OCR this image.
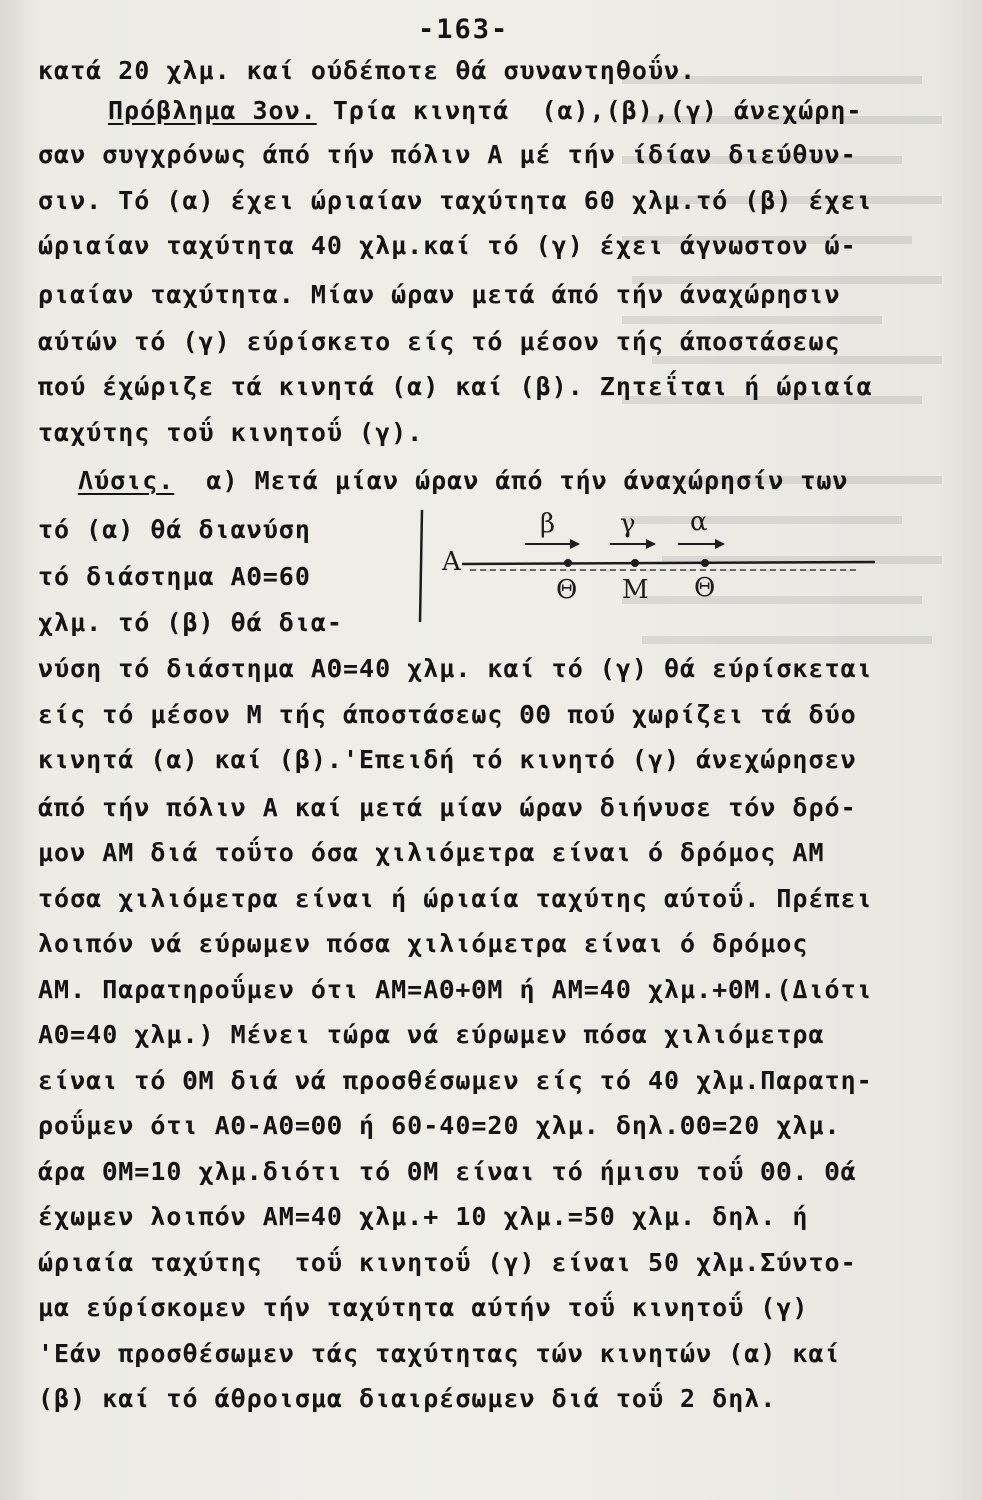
-163-
κατά 20 χλμ. καί ούδέποτε θά συναντηθοΰν.
Πρόβλημα 3ον. Τρία κινητά  (α),(β),(γ) άνεχώρη-
σαν συγχρόνως άπό τήν πόλιν Α μέ τήν ίδίαν διεύθυν-
σιν. Τό (α) έχει ώριαίαν ταχύτητα 60 χλμ.τό (β) έχει
ώριαίαν ταχύτητα 40 χλμ.καί τό (γ) έχει άγνωστον ώ-
ριαίαν ταχύτητα. Μίαν ώραν μετά άπό τήν άναχώρησιν
αύτών τό (γ) εύρίσκετο είς τό μέσον τής άποστάσεως
πού έχώριζε τά κινητά (α) καί (β). Ζητεΐται ή ώριαία
ταχύτης τοΰ κινητοΰ (γ).
Λύσις.  α) Μετά μίαν ώραν άπό τήν άναχώρησίν των
τό (α) θά διανύση
τό διάστημα ΑΘ=60
χλμ. τό (β) θά δια-
Α
β γ α
Θ Μ Θ
νύση τό διάστημα ΑΘ=40 χλμ. καί τό (γ) θά εύρίσκεται
είς τό μέσον Μ τής άποστάσεως ΘΘ πού χωρίζει τά δύο
κινητά (α) καί (β).'Επειδή τό κινητό (γ) άνεχώρησεν
άπό τήν πόλιν Α καί μετά μίαν ώραν διήνυσε τόν δρό-
μον ΑΜ διά τοΰτο όσα χιλιόμετρα είναι ό δρόμος ΑΜ
τόσα χιλιόμετρα είναι ή ώριαία ταχύτης αύτοΰ. Πρέπει
λοιπόν νά εύρωμεν πόσα χιλιόμετρα είναι ό δρόμος
ΑΜ. Παρατηροΰμεν ότι ΑΜ=ΑΘ+ΘΜ ή ΑΜ=40 χλμ.+ΘΜ.(Διότι
ΑΘ=40 χλμ.) Μένει τώρα νά εύρωμεν πόσα χιλιόμετρα
είναι τό ΘΜ διά νά προσθέσωμεν είς τό 40 χλμ.Παρατη-
ροΰμεν ότι ΑΘ-ΑΘ=ΘΘ ή 60-40=20 χλμ. δηλ.ΘΘ=20 χλμ.
άρα ΘΜ=10 χλμ.διότι τό ΘΜ είναι τό ήμισυ τοΰ ΘΘ. Θά
έχωμεν λοιπόν ΑΜ=40 χλμ.+ 10 χλμ.=50 χλμ. δηλ. ή
ώριαία ταχύτης  τοΰ κινητοΰ (γ) είναι 50 χλμ.Σύντο-
μα εύρίσκομεν τήν ταχύτητα αύτήν τοΰ κινητοΰ (γ)
'Εάν προσθέσωμεν τάς ταχύτητας τών κινητών (α) καί
(β) καί τό άθροισμα διαιρέσωμεν διά τοΰ 2 δηλ.
